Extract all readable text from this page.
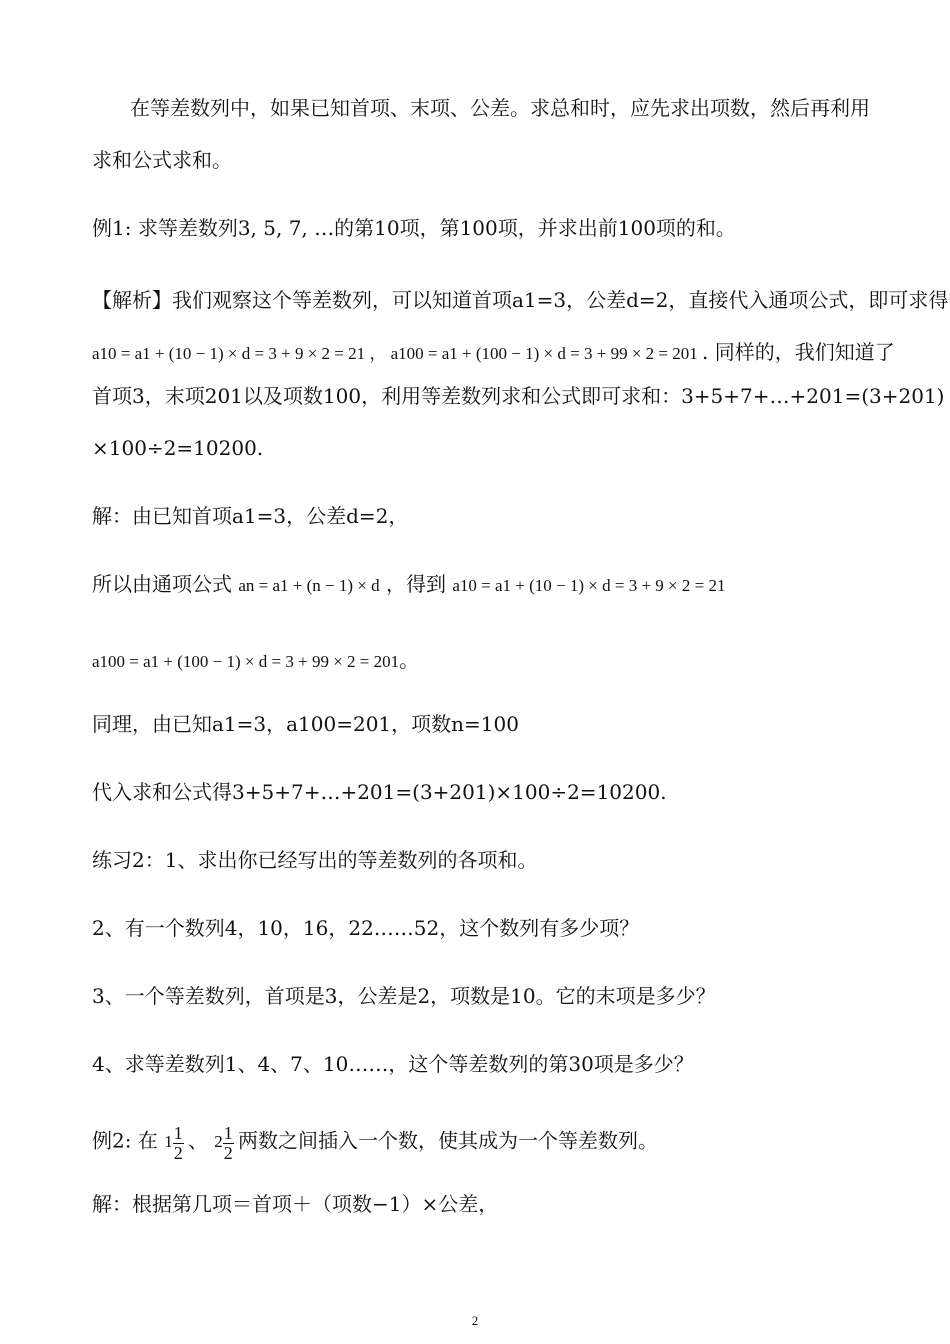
在等差数列中，如果已知首项、末项、公差。求总和时，应先求出项数，然后再利用
求和公式求和。
例1: 求等差数列3, 5, 7, …的第10项，第100项，并求出前100项的和。
【解析】我们观察这个等差数列，可以知道首项a1=3，公差d=2，直接代入通项公式，即可求得
a10 = a1 + (10 − 1) × d = 3 + 9 × 2 = 21 ， a100 = a1 + (100 − 1) × d = 3 + 99 × 2 = 201 . 同样的，我们知道了
首项3，末项201以及项数100，利用等差数列求和公式即可求和：3+5+7+…+201=(3+201)
×100÷2=10200.
解：由已知首项a1=3，公差d=2，
所以由通项公式 an = a1 + (n − 1) × d ，得到 a10 = a1 + (10 − 1) × d = 3 + 9 × 2 = 21
a100 = a1 + (100 − 1) × d = 3 + 99 × 2 = 201。
同理，由已知a1=3，a100=201，项数n=100
代入求和公式得3+5+7+…+201=(3+201)×100÷2=10200.
练习2：1、求出你已经写出的等差数列的各项和。
2、有一个数列4，10，16，22……52，这个数列有多少项？
3、一个等差数列，首项是3，公差是2，项数是10。它的末项是多少？
4、求等差数列1、4、7、10……，这个等差数列的第30项是多少？
例2: 在 $1 \frac{1}{2}$ 、 $2 \frac{1}{2}$ 两数之间插入一个数，使其成为一个等差数列。
解：根据第几项＝首项＋（项数−1）×公差，
2
